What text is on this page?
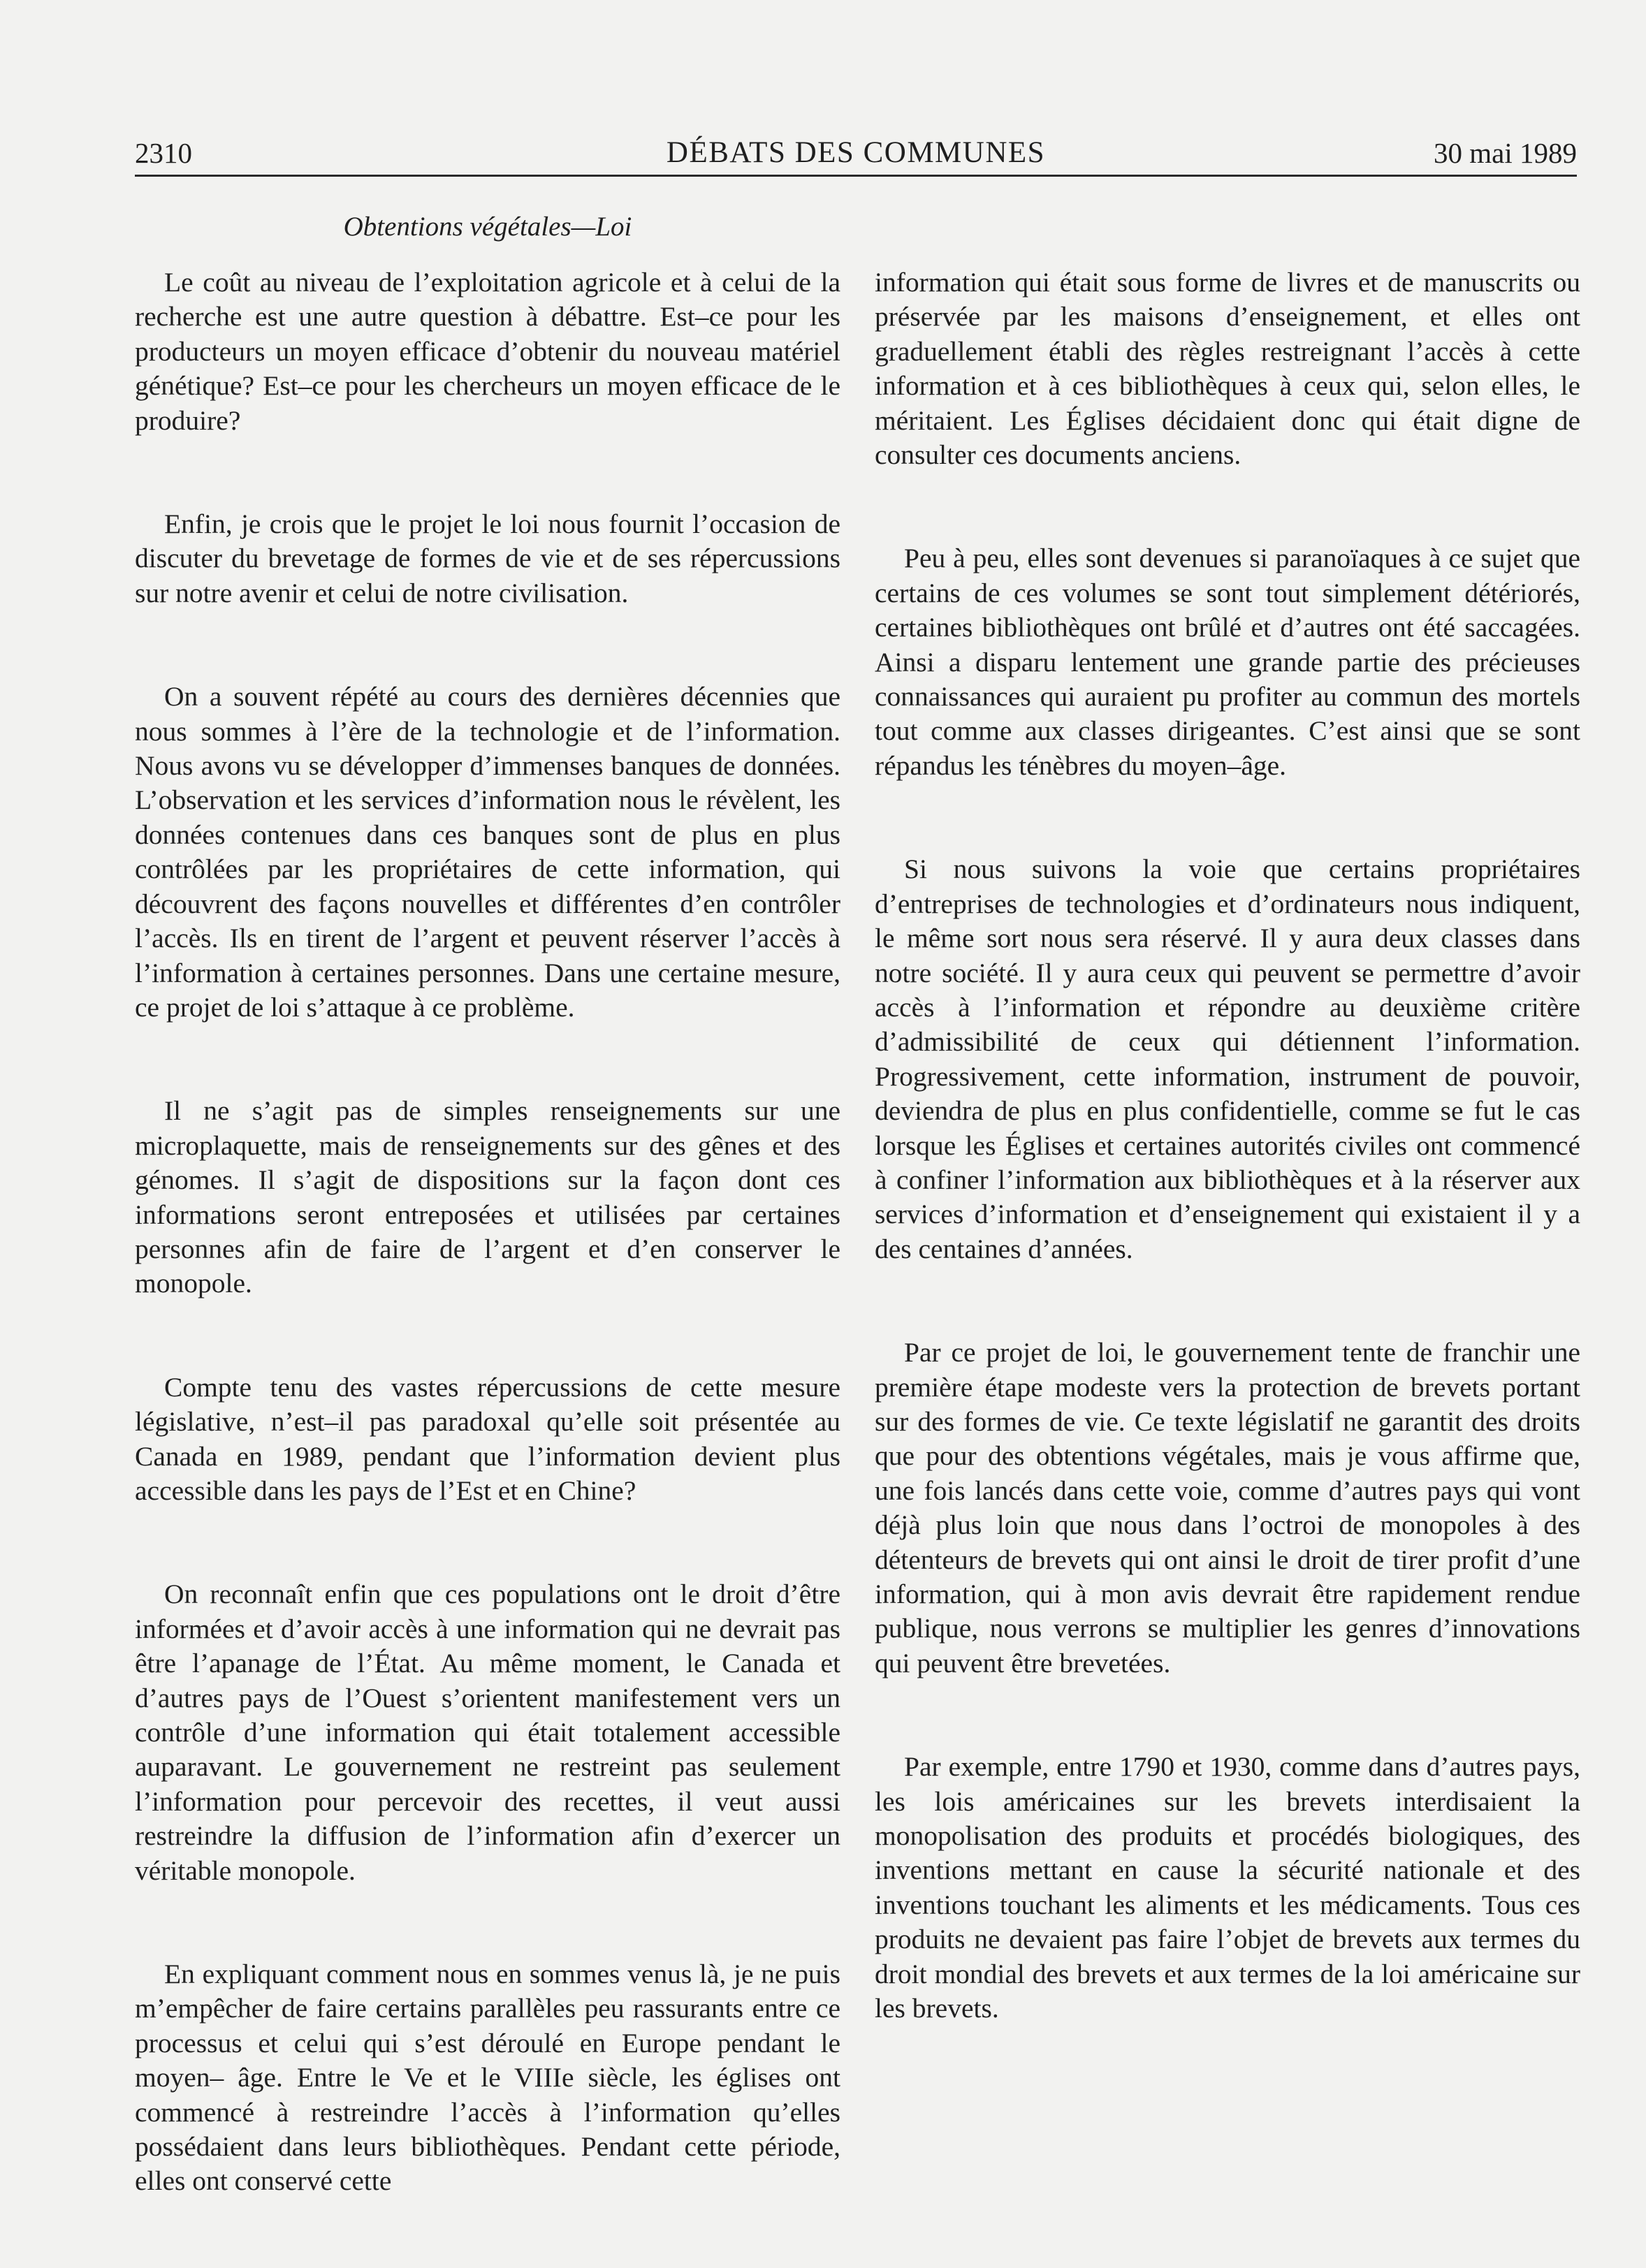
2310	DÉBATS DES COMMUNES	30 mai 1989
Obtentions végétales—Loi

Le coût au niveau de l’exploitation agricole et à celui de la recherche est une autre question à débattre. Est–ce pour les producteurs un moyen efficace d’obtenir du nouveau matériel génétique? Est–ce pour les chercheurs un moyen efficace de le produire?

Enfin, je crois que le projet le loi nous fournit l’occasion de discuter du brevetage de formes de vie et de ses répercussions sur notre avenir et celui de notre civilisation.

On a souvent répété au cours des dernières décennies que nous sommes à l’ère de la technologie et de l’information. Nous avons vu se développer d’immenses banques de données. L’observation et les services d’information nous le révèlent, les données contenues dans ces banques sont de plus en plus contrôlées par les propriétaires de cette information, qui découvrent des façons nouvelles et différentes d’en contrôler l’accès. Ils en tirent de l’argent et peuvent réserver l’accès à l’information à certaines personnes. Dans une certaine mesure, ce projet de loi s’attaque à ce problème.

Il ne s’agit pas de simples renseignements sur une microplaquette, mais de renseignements sur des gênes et des génomes. Il s’agit de dispositions sur la façon dont ces informations seront entreposées et utilisées par certaines personnes afin de faire de l’argent et d’en conserver le monopole.

Compte tenu des vastes répercussions de cette mesure législative, n’est–il pas paradoxal qu’elle soit présentée au Canada en 1989, pendant que l’information devient plus accessible dans les pays de l’Est et en Chine?

On reconnaît enfin que ces populations ont le droit d’être informées et d’avoir accès à une information qui ne devrait pas être l’apanage de l’État. Au même moment, le Canada et d’autres pays de l’Ouest s’orientent manifestement vers un contrôle d’une information qui était totalement accessible auparavant. Le gouvernement ne restreint pas seulement l’information pour percevoir des recettes, il veut aussi restreindre la diffusion de l’information afin d’exercer un véritable monopole.

En expliquant comment nous en sommes venus là, je ne puis m’empêcher de faire certains parallèles peu rassurants entre ce processus et celui qui s’est déroulé en Europe pendant le moyen– âge. Entre le Ve et le VIIIe siècle, les églises ont commencé à restreindre l’accès à l’information qu’elles possédaient dans leurs bibliothèques. Pendant cette période, elles ont conservé cette

information qui était sous forme de livres et de manuscrits ou préservée par les maisons d’enseignement, et elles ont graduellement établi des règles restreignant l’accès à cette information et à ces bibliothèques à ceux qui, selon elles, le méritaient. Les Églises décidaient donc qui était digne de consulter ces documents anciens.

Peu à peu, elles sont devenues si paranoïaques à ce sujet que certains de ces volumes se sont tout simplement détériorés, certaines bibliothèques ont brûlé et d’autres ont été saccagées. Ainsi a disparu lentement une grande partie des précieuses connaissances qui auraient pu profiter au commun des mortels tout comme aux classes dirigeantes. C’est ainsi que se sont répandus les ténèbres du moyen–âge.

Si nous suivons la voie que certains propriétaires d’entreprises de technologies et d’ordinateurs nous indiquent, le même sort nous sera réservé. Il y aura deux classes dans notre société. Il y aura ceux qui peuvent se permettre d’avoir accès à l’information et répondre au deuxième critère d’admissibilité de ceux qui détiennent l’information. Progressivement, cette information, instrument de pouvoir, deviendra de plus en plus confidentielle, comme se fut le cas lorsque les Églises et certaines autorités civiles ont commencé à confiner l’information aux bibliothèques et à la réserver aux services d’information et d’enseignement qui existaient il y a des centaines d’années.

Par ce projet de loi, le gouvernement tente de franchir une première étape modeste vers la protection de brevets portant sur des formes de vie. Ce texte législatif ne garantit des droits que pour des obtentions végétales, mais je vous affirme que, une fois lancés dans cette voie, comme d’autres pays qui vont déjà plus loin que nous dans l’octroi de monopoles à des détenteurs de brevets qui ont ainsi le droit de tirer profit d’une information, qui à mon avis devrait être rapidement rendue publique, nous verrons se multiplier les genres d’innovations qui peuvent être brevetées.

Par exemple, entre 1790 et 1930, comme dans d’autres pays, les lois américaines sur les brevets interdisaient la monopolisation des produits et procédés biologiques, des inventions mettant en cause la sécurité nationale et des inventions touchant les aliments et les médicaments. Tous ces produits ne devaient pas faire l’objet de brevets aux termes du droit mondial des brevets et aux termes de la loi américaine sur les brevets.
